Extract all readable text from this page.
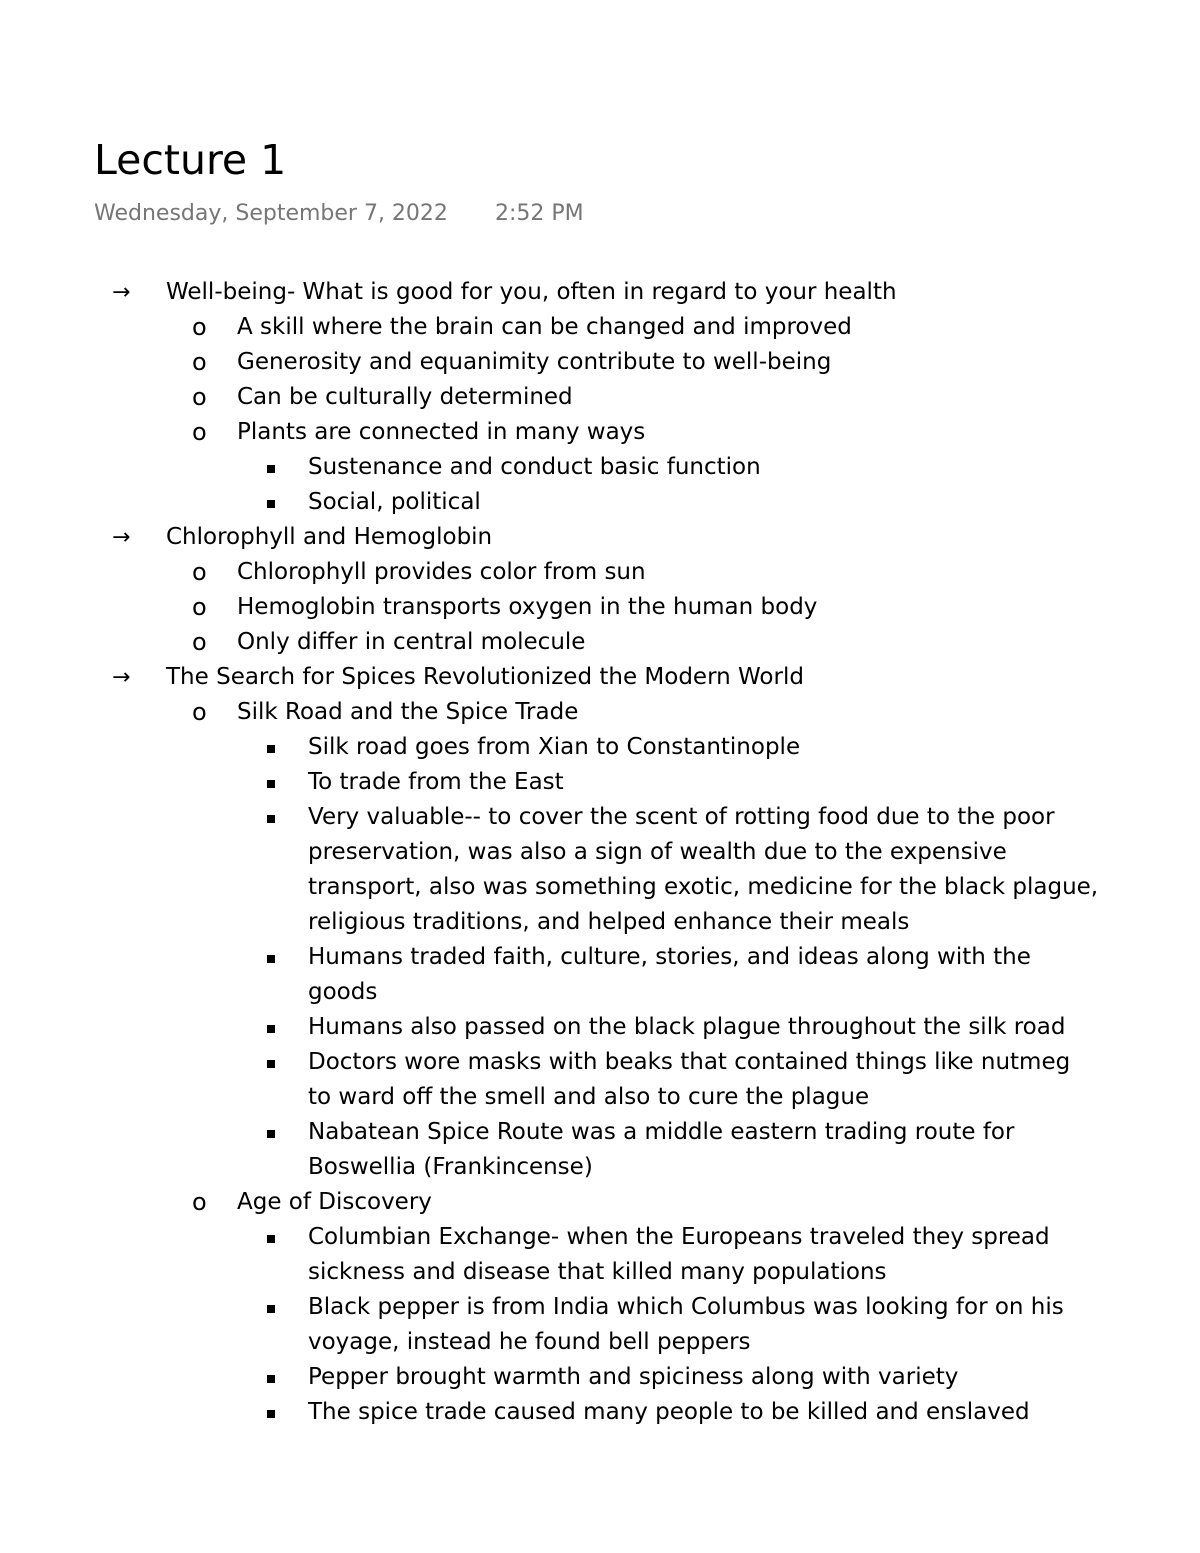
Lecture 1
Wednesday, September 7, 2022 2:52 PM
→ Well-being- What is good for you, often in regard to your health
o A skill where the brain can be changed and improved
o Generosity and equanimity contribute to well-being
o Can be culturally determined
o Plants are connected in many ways
Sustenance and conduct basic function
Social, political
→ Chlorophyll and Hemoglobin
o Chlorophyll provides color from sun
o Hemoglobin transports oxygen in the human body
o Only differ in central molecule
→ The Search for Spices Revolutionized the Modern World
o Silk Road and the Spice Trade
Silk road goes from Xian to Constantinople
To trade from the East
Very valuable-- to cover the scent of rotting food due to the poor
preservation, was also a sign of wealth due to the expensive
transport, also was something exotic, medicine for the black plague,
religious traditions, and helped enhance their meals
Humans traded faith, culture, stories, and ideas along with the
goods
Humans also passed on the black plague throughout the silk road
Doctors wore masks with beaks that contained things like nutmeg
to ward off the smell and also to cure the plague
Nabatean Spice Route was a middle eastern trading route for
Boswellia (Frankincense)
o Age of Discovery
Columbian Exchange- when the Europeans traveled they spread
sickness and disease that killed many populations
Black pepper is from India which Columbus was looking for on his
voyage, instead he found bell peppers
Pepper brought warmth and spiciness along with variety
The spice trade caused many people to be killed and enslaved
